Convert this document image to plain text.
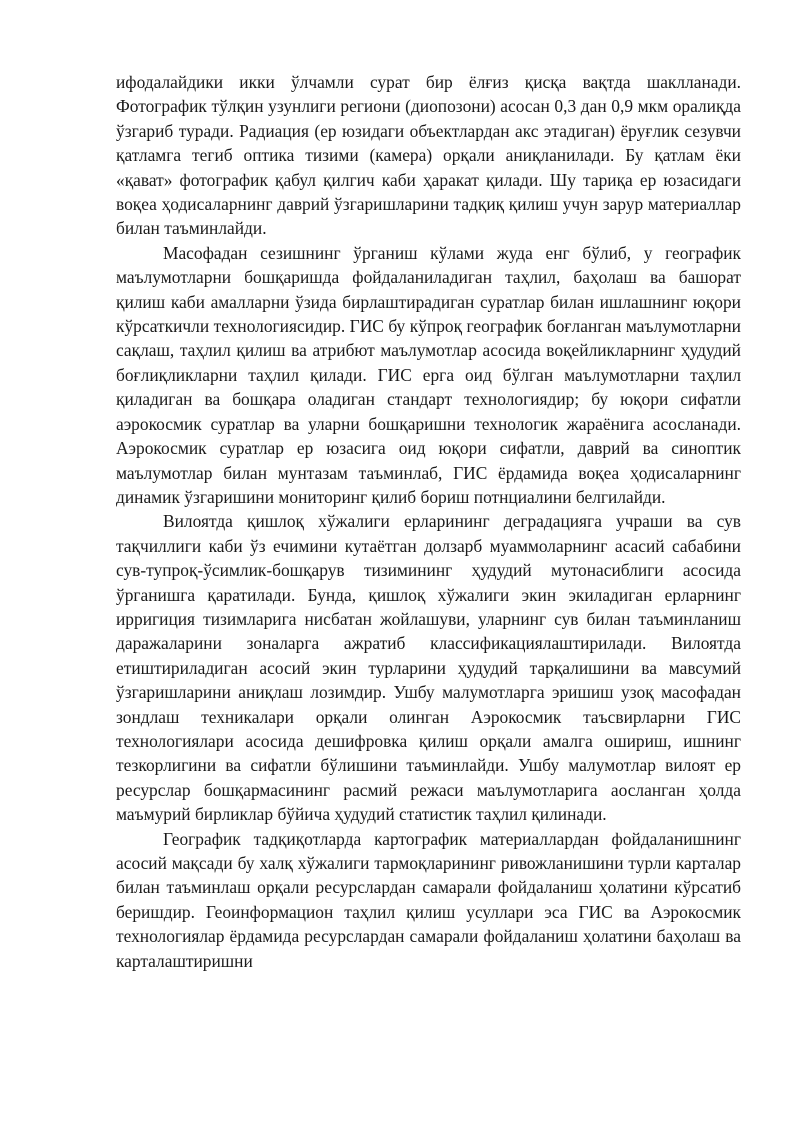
ифодалайдики икки ўлчамли сурат бир ёлғиз қисқа вақтда шаклланади. Фотографик тўлқин узунлиги региони (диопозони) асосан 0,3 дан 0,9 мкм оралиқда ўзгариб туради. Радиация (ер юзидаги объектлардан акс этадиган) ёруғлик сезувчи қатламга тегиб оптика тизими (камера) орқали аниқланилади. Бу қатлам ёки «қават» фотографик қабул қилгич каби ҳаракат қилади. Шу тариқа ер юзасидаги воқеа ҳодисаларнинг даврий ўзгаришларини тадқиқ қилиш учун зарур материаллар билан таъминлайди.

Масофадан сезишнинг ўрганиш кўлами жуда енг бўлиб, у географик маълумотларни бошқаришда фойдаланиладиган таҳлил, баҳолаш ва башорат қилиш каби амалларни ўзида бирлаштирадиган суратлар билан ишлашнинг юқори кўрсаткичли технологиясидир. ГИС бу кўпроқ географик боғланган маълумотларни сақлаш, таҳлил қилиш ва атрибют маълумотлар асосида воқейликларнинг ҳудудий боғлиқликларни таҳлил қилади. ГИС ерга оид бўлган маълумотларни таҳлил қиладиган ва бошқара оладиган стандарт технологиядир; бу юқори сифатли аэрокосмик суратлар ва уларни бошқаришни технологик жараёнига асосланади. Аэрокосмик суратлар ер юзасига оид юқори сифатли, даврий ва синоптик маълумотлар билан мунтазам таъминлаб, ГИС ёрдамида воқеа ҳодисаларнинг динамик ўзгаришини мониторинг қилиб бориш потнциалини белгилайди.

Вилоятда қишлоқ хўжалиги ерларининг деградацияга учраши ва сув тақчиллиги каби ўз ечимини кутаётган долзарб муаммоларнинг асасий сабабини сув-тупроқ-ўсимлик-бошқарув тизимининг ҳудудий мутонасиблиги асосида ўрганишга қаратилади. Бунда, қишлоқ хўжалиги экин экиладиган ерларнинг ирригиция тизимларига нисбатан жойлашуви, уларнинг сув билан таъминланиш даражаларини зоналарга ажратиб классификациялаштирилади. Вилоятда етиштириладиган асосий экин турларини ҳудудий тарқалишини ва мавсумий ўзгаришларини аниқлаш лозимдир. Ушбу малумотларга эришиш узоқ масофадан зондлаш техникалари орқали олинган Аэрокосмик таъсвирларни ГИС технологиялари асосида дешифровка қилиш орқали амалга ошириш, ишнинг тезкорлигини ва сифатли бўлишини таъминлайди. Ушбу малумотлар вилоят ер ресурслар бошқармасининг расмий режаси маълумотларига аосланган ҳолда маъмурий бирликлар бўйича ҳудудий статистик таҳлил қилинади.

Географик тадқиқотларда картографик материаллардан фойдаланишнинг асосий мақсади бу халқ хўжалиги тармоқларининг ривожланишини турли карталар билан таъминлаш орқали ресурслардан самарали фойдаланиш ҳолатини кўрсатиб беришдир. Геоинформацион таҳлил қилиш усуллари эса ГИС ва Аэрокосмик технологиялар ёрдамида ресурслардан самарали фойдаланиш ҳолатини баҳолаш ва карталаштиришни
